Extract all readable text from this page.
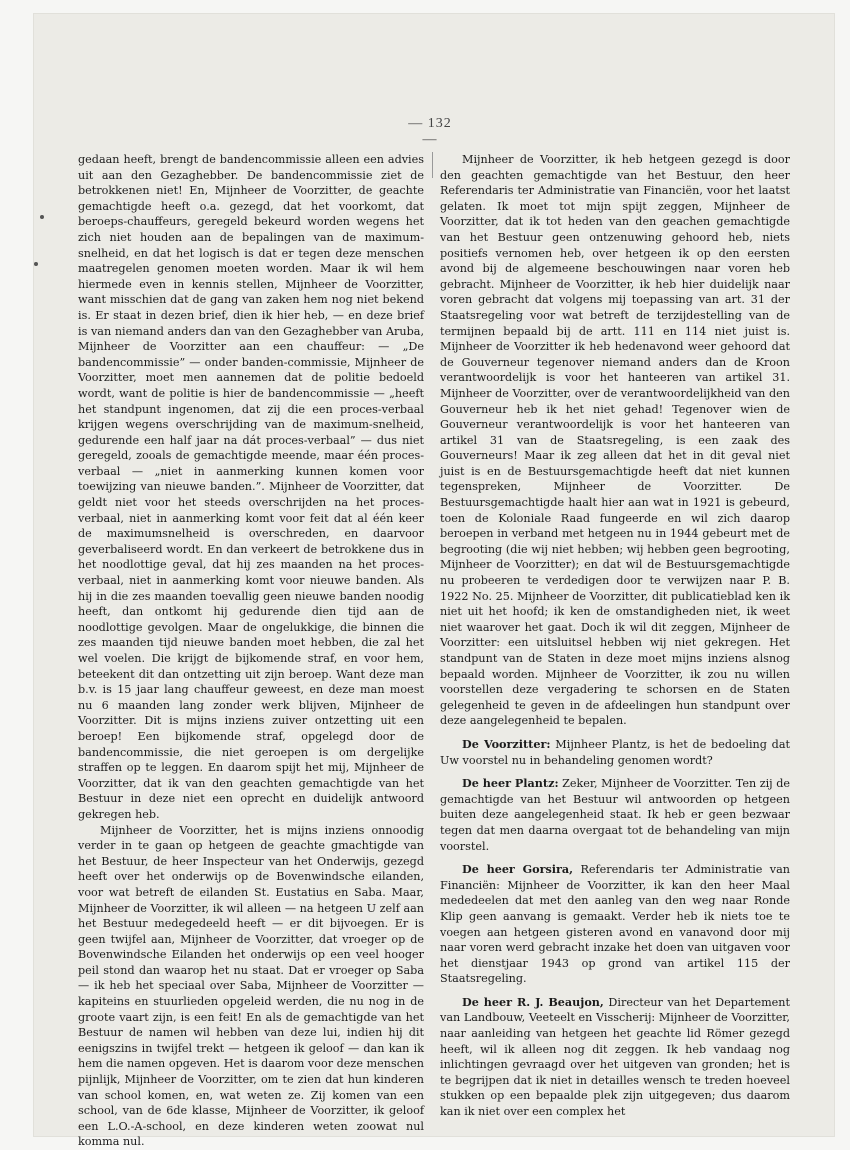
— 132 —

gedaan heeft, brengt de bandencommissie alleen een advies uit aan den Gezaghebber. De bandencommissie ziet de betrokkenen niet! En, Mijnheer de Voorzitter, de geachte gemachtigde heeft o.a. gezegd, dat het voorkomt, dat beroeps-chauffeurs, geregeld bekeurd worden wegens het zich niet houden aan de bepalingen van de maximum-snelheid, en dat het logisch is dat er tegen deze menschen maatregelen genomen moeten worden. Maar ik wil hem hiermede even in kennis stellen, Mijnheer de Voorzitter, want misschien dat de gang van zaken hem nog niet bekend is. Er staat in dezen brief, dien ik hier heb, — en deze brief is van niemand anders dan van den Gezaghebber van Aruba, Mijnheer de Voorzitter aan een chauffeur: — „De bandencommissie” — onder banden-commissie, Mijnheer de Voorzitter, moet men aannemen dat de politie bedoeld wordt, want de politie is hier de bandencommissie — „heeft het standpunt ingenomen, dat zij die een proces-verbaal krijgen wegens overschrijding van de maximum-snelheid, gedurende een half jaar na dát proces-verbaal” — dus niet geregeld, zooals de gemachtigde meende, maar één proces-verbaal — „niet in aanmerking kunnen komen voor toewijzing van nieuwe banden.”. Mijnheer de Voorzitter, dat geldt niet voor het steeds overschrijden na het proces-verbaal, niet in aanmerking komt voor feit dat al één keer de maximumsnelheid is overschreden, en daarvoor geverbaliseerd wordt. En dan verkeert de betrokkene dus in het noodlottige geval, dat hij zes maanden na het proces-verbaal, niet in aanmerking komt voor nieuwe banden. Als hij in die zes maanden toevallig geen nieuwe banden noodig heeft, dan ontkomt hij gedurende dien tijd aan de noodlottige gevolgen. Maar de ongelukkige, die binnen die zes maanden tijd nieuwe banden moet hebben, die zal het wel voelen. Die krijgt de bijkomende straf, en voor hem, beteekent dit dan ontzetting uit zijn beroep. Want deze man b.v. is 15 jaar lang chauffeur geweest, en deze man moest nu 6 maanden lang zonder werk blijven, Mijnheer de Voorzitter. Dit is mijns inziens zuiver ontzetting uit een beroep! Een bijkomende straf, opgelegd door de bandencommissie, die niet geroepen is om dergelijke straffen op te leggen. En daarom spijt het mij, Mijnheer de Voorzitter, dat ik van den geachten gemachtigde van het Bestuur in deze niet een oprecht en duidelijk antwoord gekregen heb.

Mijnheer de Voorzitter, het is mijns inziens onnoodig verder in te gaan op hetgeen de geachte gmachtigde van het Bestuur, de heer Inspecteur van het Onderwijs, gezegd heeft over het onderwijs op de Bovenwindsche eilanden, voor wat betreft de eilanden St. Eustatius en Saba. Maar, Mijnheer de Voorzitter, ik wil alleen — na hetgeen U zelf aan het Bestuur medegedeeld heeft — er dit bijvoegen. Er is geen twijfel aan, Mijnheer de Voorzitter, dat vroeger op de Bovenwindsche Eilanden het onderwijs op een veel hooger peil stond dan waarop het nu staat. Dat er vroeger op Saba — ik heb het speciaal over Saba, Mijnheer de Voorzitter — kapiteins en stuurlieden opgeleid werden, die nu nog in de groote vaart zijn, is een feit! En als de gemachtigde van het Bestuur de namen wil hebben van deze lui, indien hij dit eenigszins in twijfel trekt — hetgeen ik geloof — dan kan ik hem die namen opgeven. Het is daarom voor deze menschen pijnlijk, Mijnheer de Voorzitter, om te zien dat hun kinderen van school komen, en, wat weten ze. Zij komen van een school, van de 6de klasse, Mijnheer de Voorzitter, ik geloof een L.O.-A-school, en deze kinderen weten zoowat nul komma nul.

Mijnheer de Voorzitter, ik heb hetgeen gezegd is door den geachten gemachtigde van het Bestuur, den heer Referendaris ter Administratie van Financiën, voor het laatst gelaten. Ik moet tot mijn spijt zeggen, Mijnheer de Voorzitter, dat ik tot heden van den geachen gemachtigde van het Bestuur geen ontzenuwing gehoord heb, niets positiefs vernomen heb, over hetgeen ik op den eersten avond bij de algemeene beschouwingen naar voren heb gebracht. Mijnheer de Voorzitter, ik heb hier duidelijk naar voren gebracht dat volgens mij toepassing van art. 31 der Staatsregeling voor wat betreft de terzijdestelling van de termijnen bepaald bij de artt. 111 en 114 niet juist is. Mijnheer de Voorzitter ik heb hedenavond weer gehoord dat de Gouverneur tegenover niemand anders dan de Kroon verantwoordelijk is voor het hanteeren van artikel 31. Mijnheer de Voorzitter, over de verantwoordelijkheid van den Gouverneur heb ik het niet gehad! Tegenover wien de Gouverneur verantwoordelijk is voor het hanteeren van artikel 31 van de Staatsregeling, is een zaak des Gouverneurs! Maar ik zeg alleen dat het in dit geval niet juist is en de Bestuursgemachtigde heeft dat niet kunnen tegenspreken, Mijnheer de Voorzitter. De Bestuursgemachtigde haalt hier aan wat in 1921 is gebeurd, toen de Koloniale Raad fungeerde en wil zich daarop beroepen in verband met hetgeen nu in 1944 gebeurt met de begrooting (die wij niet hebben; wij hebben geen begrooting, Mijnheer de Voorzitter); en dat wil de Bestuursgemachtigde nu probeeren te verdedigen door te verwijzen naar P. B. 1922 No. 25. Mijnheer de Voorzitter, dit publicatieblad ken ik niet uit het hoofd; ik ken de omstandigheden niet, ik weet niet waarover het gaat. Doch ik wil dit zeggen, Mijnheer de Voorzitter: een uitsluitsel hebben wij niet gekregen. Het standpunt van de Staten in deze moet mijns inziens alsnog bepaald worden. Mijnheer de Voorzitter, ik zou nu willen voorstellen deze vergadering te schorsen en de Staten gelegenheid te geven in de afdeelingen hun standpunt over deze aangelegenheid te bepalen.

De Voorzitter: Mijnheer Plantz, is het de bedoeling dat Uw voorstel nu in behandeling genomen wordt?

De heer Plantz: Zeker, Mijnheer de Voorzitter. Ten zij de gemachtigde van het Bestuur wil antwoorden op hetgeen buiten deze aangelegenheid staat. Ik heb er geen bezwaar tegen dat men daarna overgaat tot de behandeling van mijn voorstel.

De heer Gorsira, Referendaris ter Administratie van Financiën: Mijnheer de Voorzitter, ik kan den heer Maal mededeelen dat met den aanleg van den weg naar Ronde Klip geen aanvang is gemaakt. Verder heb ik niets toe te voegen aan hetgeen gisteren avond en vanavond door mij naar voren werd gebracht inzake het doen van uitgaven voor het dienstjaar 1943 op grond van artikel 115 der Staatsregeling.

De heer R. J. Beaujon, Directeur van het Departement van Landbouw, Veeteelt en Visscherij: Mijnheer de Voorzitter, naar aanleiding van hetgeen het geachte lid Römer gezegd heeft, wil ik alleen nog dit zeggen. Ik heb vandaag nog inlichtingen gevraagd over het uitgeven van gronden; het is te begrijpen dat ik niet in detailles wensch te treden hoeveel stukken op een bepaalde plek zijn uitgegeven; dus daarom kan ik niet over een complex het
